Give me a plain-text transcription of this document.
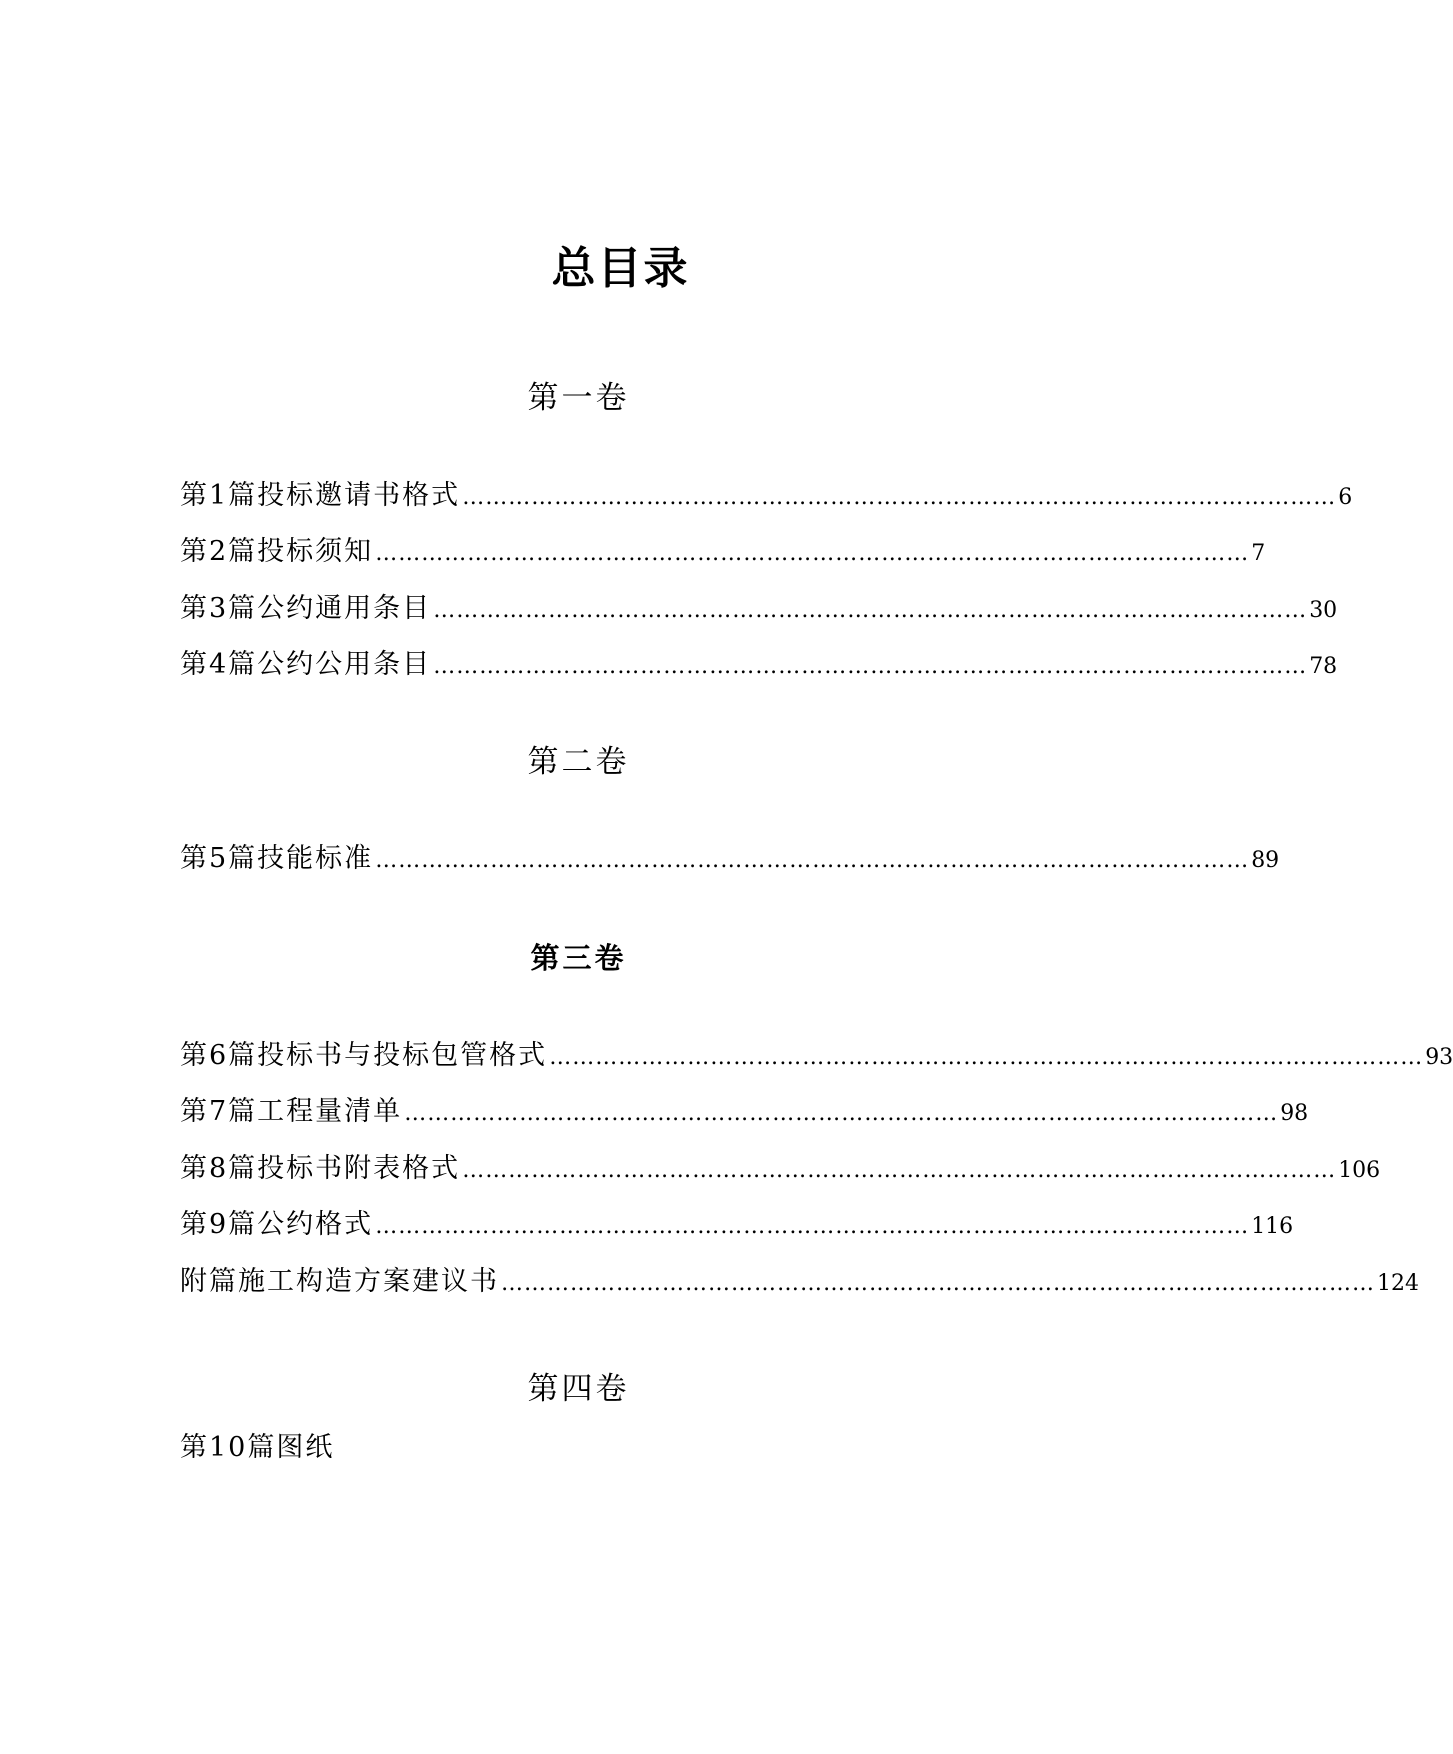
总目录
第一卷
第1篇投标邀请书格式 …………………………………………………………………………………………………… 6
第2篇投标须知 …………………………………………………………………………………………………… 7
第3篇公约通用条目 …………………………………………………………………………………………………… 30
第4篇公约公用条目 …………………………………………………………………………………………………… 78
第二卷
第5篇技能标准 …………………………………………………………………………………………………… 89
第三卷
第6篇投标书与投标包管格式 …………………………………………………………………………………………………… 93
第7篇工程量清单 …………………………………………………………………………………………………… 98
第8篇投标书附表格式 …………………………………………………………………………………………………… 106
第9篇公约格式 …………………………………………………………………………………………………… 116
附篇施工构造方案建议书 …………………………………………………………………………………………………… 124
第四卷
第10篇图纸
